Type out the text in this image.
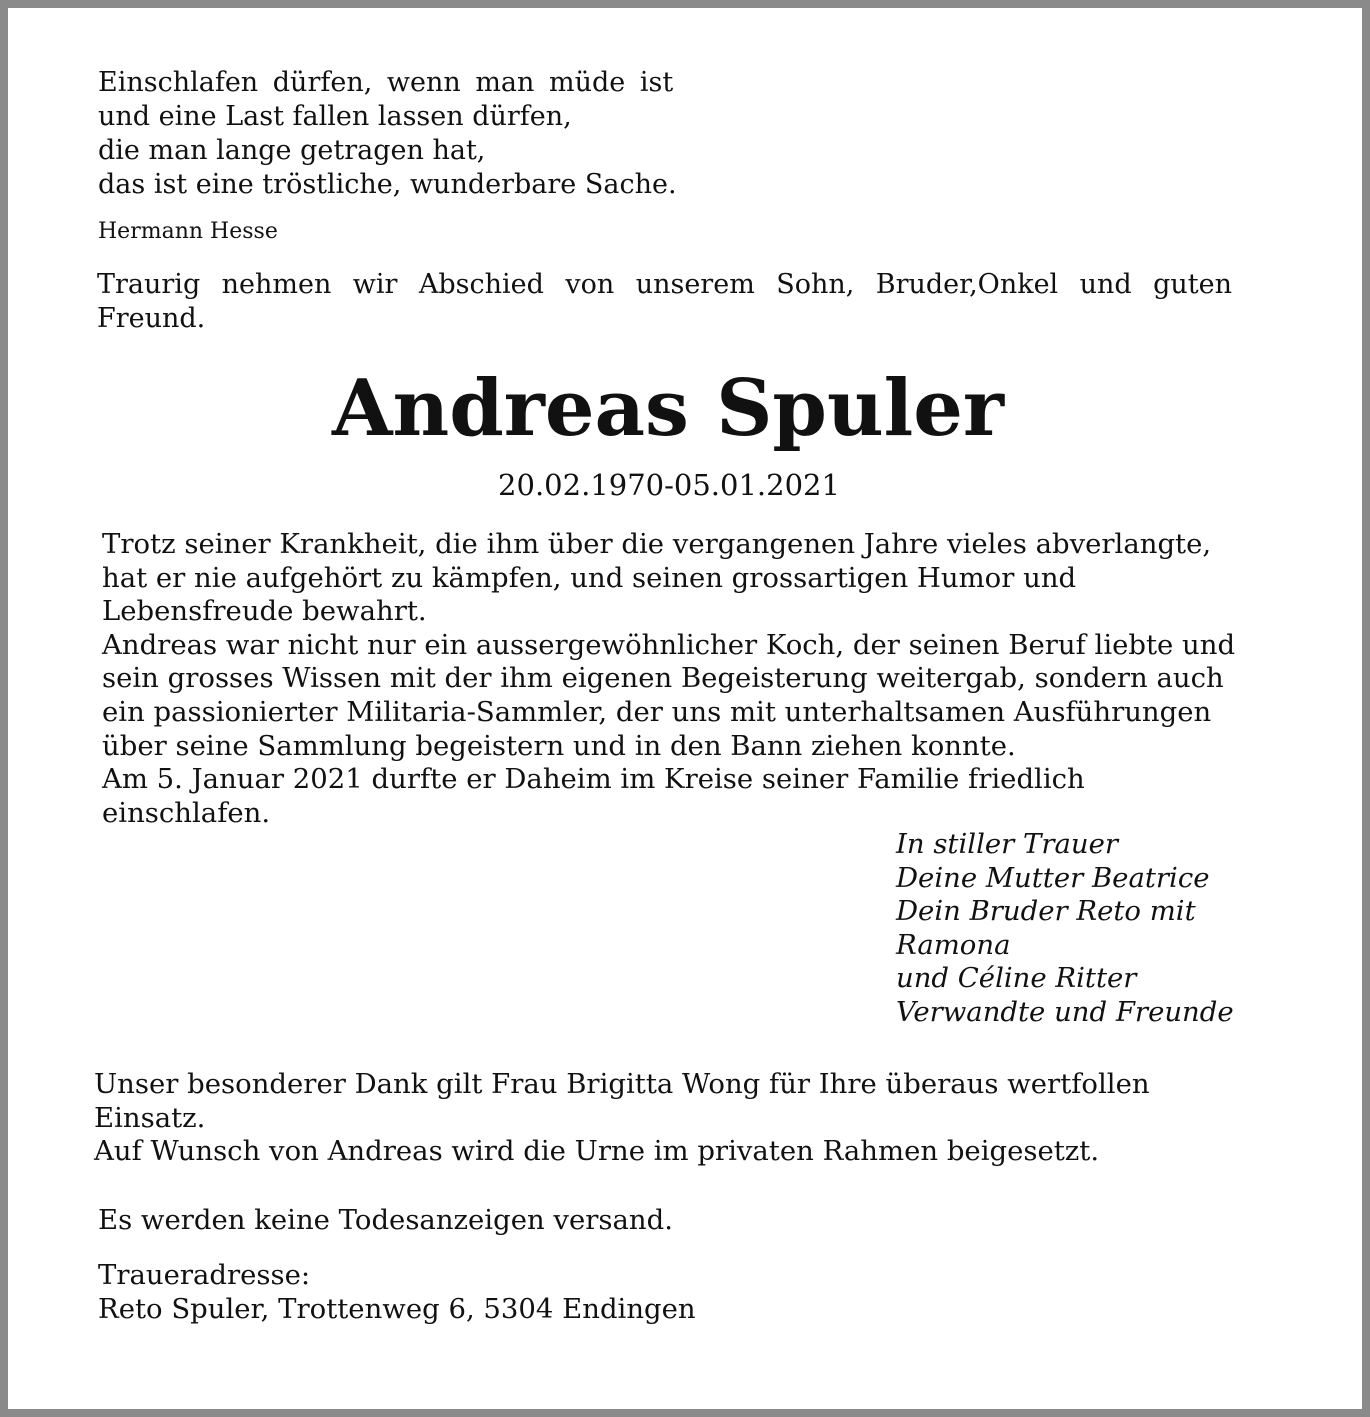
Einschlafen dürfen, wenn man müde ist
und eine Last fallen lassen dürfen,
die man lange getragen hat,
das ist eine tröstliche, wunderbare Sache.
Hermann Hesse
Traurig nehmen wir Abschied von unserem Sohn, Bruder,Onkel und guten Freund.
Andreas Spuler
20.02.1970-05.01.2021
Trotz seiner Krankheit, die ihm über die vergangenen Jahre vieles abverlangte,
hat er nie aufgehört zu kämpfen, und seinen grossartigen Humor und
Lebensfreude bewahrt.
Andreas war nicht nur ein aussergewöhnlicher Koch, der seinen Beruf liebte und
sein grosses Wissen mit der ihm eigenen Begeisterung weitergab, sondern auch
ein passionierter Militaria-Sammler, der uns mit unterhaltsamen Ausführungen
über seine Sammlung begeistern und in den Bann ziehen konnte.
Am 5. Januar 2021 durfte er Daheim im Kreise seiner Familie friedlich
einschlafen.
In stiller Trauer
Deine Mutter Beatrice
Dein Bruder Reto mit
Ramona
und Céline Ritter
Verwandte und Freunde
Unser besonderer Dank gilt Frau Brigitta Wong für Ihre überaus wertfollen
Einsatz.
Auf Wunsch von Andreas wird die Urne im privaten Rahmen beigesetzt.
Es werden keine Todesanzeigen versand.
Traueradresse:
Reto Spuler, Trottenweg 6, 5304 Endingen
